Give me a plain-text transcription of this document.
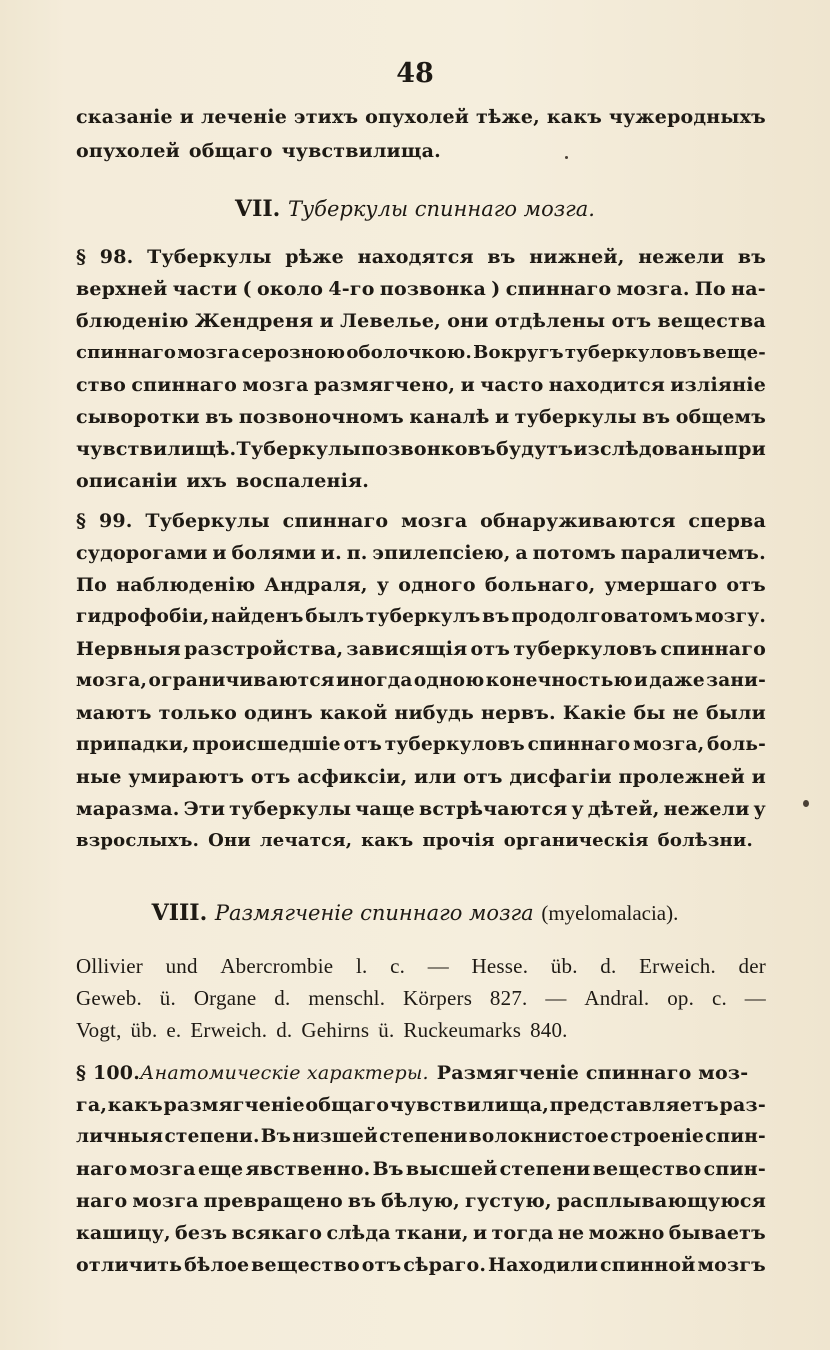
48
сказаніе и леченіе этихъ опухолей тѣже, какъ чужеродныхъ
опухолей общаго чувствилища.
VII. Туберкулы спиннаго мозга.
§ 98. Туберкулы рѣже находятся въ нижней, нежели въ
верхней части ( около 4-го позвонка ) спиннаго мозга. По на-
блюденію Жендреня и Левелье, они отдѣлены отъ вещества
спиннаго мозга серозною оболочкою. Вокругъ туберкуловъ веще-
ство спиннаго мозга размягчено, и часто находится изліяніе
сыворотки въ позвоночномъ каналѣ и туберкулы въ общемъ
чувствилищѣ. Туберкулы позвонковъ будутъ изслѣдованы при
описаніи ихъ воспаленія.
§ 99. Туберкулы спиннаго мозга обнаруживаются сперва
судорогами и болями и. п. эпилепсіею, а потомъ параличемъ.
По наблюденію Андраля, у одного больнаго, умершаго отъ
гидрофобіи, найденъ былъ туберкулъ въ продолговатомъ мозгу.
Нервныя разстройства, зависящія отъ туберкуловъ спиннаго
мозга, ограничиваются иногда одною конечностью и даже зани-
маютъ только одинъ какой нибудь нервъ. Какіе бы не были
припадки, происшедшіе отъ туберкуловъ спиннаго мозга, боль-
ные умираютъ отъ асфиксіи, или отъ дисфагіи пролежней и
маразма. Эти туберкулы чаще встрѣчаются у дѣтей, нежели у
взрослыхъ. Они лечатся, какъ прочія органическія болѣзни.
VIII. Размягченіе спиннаго мозга (myelomalacia).
Ollivier und Abercrombie l. c. — Hesse. üb. d. Erweich. der
Geweb. ü. Organe d. menschl. Körpers 827. — Andral. op. c. —
Vogt, üb. e. Erweich. d. Gehirns ü. Ruckeumarks 840.
§ 100. Анатомическіе характеры. Размягченіе спиннаго моз-
га, какъ размягченіе общаго чувствилища, представляетъ раз-
личныя степени. Въ низшей степени волокнистое строеніе спин-
наго мозга еще явственно. Въ высшей степени вещество спин-
наго мозга превращено въ бѣлую, густую, расплывающуюся
кашицу, безъ всякаго слѣда ткани, и тогда не можно бываетъ
отличить бѣлое вещество отъ сѣраго. Находили спинной мозгъ
